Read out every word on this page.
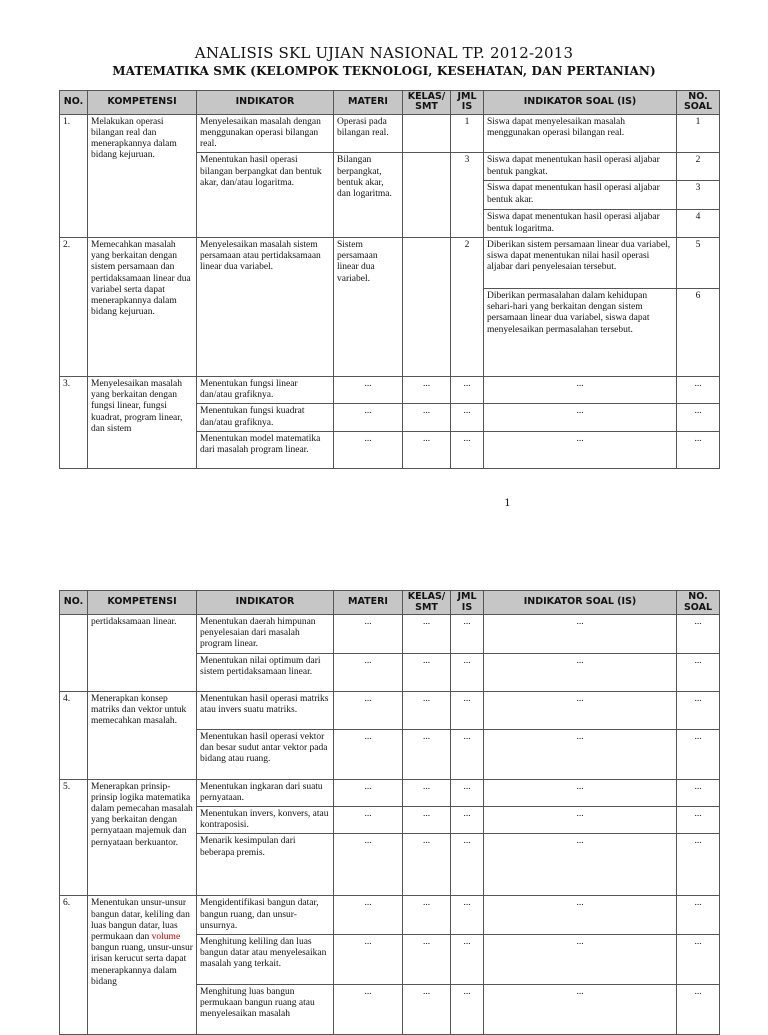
ANALISIS SKL UJIAN NASIONAL TP. 2012-2013
MATEMATIKA SMK (KELOMPOK TEKNOLOGI, KESEHATAN, DAN PERTANIAN)
NO.	KOMPETENSI	INDIKATOR	MATERI	KELAS/ SMT	JML IS	INDIKATOR SOAL (IS)	NO. SOAL
1.	Melakukan operasi bilangan real dan menerapkannya dalam bidang kejuruan.	Menyelesaikan masalah dengan menggunakan operasi bilangan real.	Operasi pada bilangan real.		1	Siswa dapat menyelesaikan masalah menggunakan operasi bilangan real.	1
		Menentukan hasil operasi bilangan berpangkat dan bentuk akar, dan/atau logaritma.	Bilangan berpangkat, bentuk akar, dan logaritma.		3	Siswa dapat menentukan hasil operasi aljabar bentuk pangkat.	2
						Siswa dapat menentukan hasil operasi aljabar bentuk akar.	3
						Siswa dapat menentukan hasil operasi aljabar bentuk logaritma.	4
2.	Memecahkan masalah yang berkaitan dengan sistem persamaan dan pertidaksamaan linear dua variabel serta dapat menerapkannya dalam bidang kejuruan.	Menyelesaikan masalah sistem persamaan atau pertidaksamaan linear dua variabel.	Sistem persamaan linear dua variabel.		2	Diberikan sistem persamaan linear dua variabel, siswa dapat menentukan nilai hasil operasi aljabar dari penyelesaian tersebut.	5
						Diberikan permasalahan dalam kehidupan sehari-hari yang berkaitan dengan sistem persamaan linear dua variabel, siswa dapat menyelesaikan permasalahan tersebut.	6
3.	Menyelesaikan masalah yang berkaitan dengan fungsi linear, fungsi kuadrat, program linear, dan sistem	Menentukan fungsi linear dan/atau grafiknya.	...	...	...	...	...
		Menentukan fungsi kuadrat dan/atau grafiknya.	...	...	...	...	...
		Menentukan model matematika dari masalah program linear.	...	...	...	...	...
1
NO.	KOMPETENSI	INDIKATOR	MATERI	KELAS/ SMT	JML IS	INDIKATOR SOAL (IS)	NO. SOAL
	pertidaksamaan linear.	Menentukan daerah himpunan penyelesaian dari masalah program linear.	...	...	...	...	...
		Menentukan nilai optimum dari sistem pertidaksamaan linear.	...	...	...	...	...
4.	Menerapkan konsep matriks dan vektor untuk memecahkan masalah.	Menentukan hasil operasi matriks atau invers suatu matriks.	...	...	...	...	...
		Menentukan hasil operasi vektor dan besar sudut antar vektor pada bidang atau ruang.	...	...	...	...	...
5.	Menerapkan prinsip-prinsip logika matematika dalam pemecahan masalah yang berkaitan dengan pernyataan majemuk dan pernyataan berkuantor.	Menentukan ingkaran dari suatu pernyataan.	...	...	...	...	...
		Menentukan invers, konvers, atau kontraposisi.	...	...	...	...	...
		Menarik kesimpulan dari beberapa premis.	...	...	...	...	...
6.	Menentukan unsur-unsur bangun datar, keliling dan luas bangun datar, luas permukaan dan volume bangun ruang, unsur-unsur irisan kerucut serta dapat menerapkannya dalam bidang	Mengidentifikasi bangun datar, bangun ruang, dan unsur-unsurnya.	...	...	...	...	...
		Menghitung keliling dan luas bangun datar atau menyelesaikan masalah yang terkait.	...	...	...	...	...
		Menghitung luas bangun permukaan bangun ruang atau menyelesaikan masalah	...	...	...	...	...
